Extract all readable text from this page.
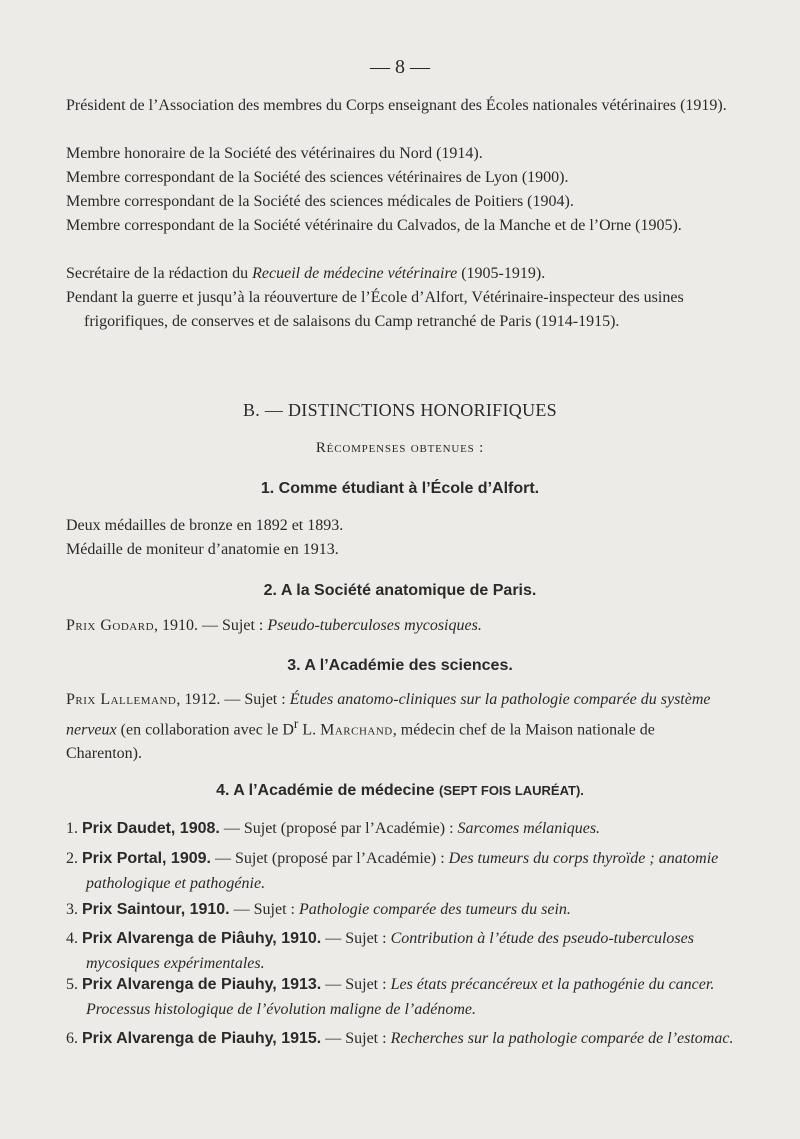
— 8 —
Président de l’Association des membres du Corps enseignant des Écoles nationales vétérinaires (1919).
Membre honoraire de la Société des vétérinaires du Nord (1914).
Membre correspondant de la Société des sciences vétérinaires de Lyon (1900).
Membre correspondant de la Société des sciences médicales de Poitiers (1904).
Membre correspondant de la Société vétérinaire du Calvados, de la Manche et de l’Orne (1905).
Secrétaire de la rédaction du Recueil de médecine vétérinaire (1905-1919).
Pendant la guerre et jusqu’à la réouverture de l’École d’Alfort, Vétérinaire-inspecteur des usines frigorifiques, de conserves et de salaisons du Camp retranché de Paris (1914-1915).
B. — DISTINCTIONS HONORIFIQUES
Récompenses obtenues :
1. Comme étudiant à l’École d’Alfort.
Deux médailles de bronze en 1892 et 1893.
Médaille de moniteur d’anatomie en 1913.
2. A la Société anatomique de Paris.
Prix Godard, 1910. — Sujet : Pseudo-tuberculoses mycosiques.
3. A l’Académie des sciences.
Prix Lallemand, 1912. — Sujet : Études anatomo-cliniques sur la pathologie comparée du système nerveux (en collaboration avec le $D^r$ L. Marchand, médecin chef de la Maison nationale de Charenton).
4. A l’Académie de médecine (SEPT FOIS LAURÉAT).
1. Prix Daudet, 1908. — Sujet (proposé par l’Académie) : Sarcomes mélaniques.
2. Prix Portal, 1909. — Sujet (proposé par l’Académie) : Des tumeurs du corps thyroïde ; anatomie pathologique et pathogénie.
3. Prix Saintour, 1910. — Sujet : Pathologie comparée des tumeurs du sein.
4. Prix Alvarenga de Piâuhy, 1910. — Sujet : Contribution à l’étude des pseudo-tuberculoses mycosiques expérimentales.
5. Prix Alvarenga de Piauhy, 1913. — Sujet : Les états précancéreux et la pathogénie du cancer. Processus histologique de l’évolution maligne de l’adénome.
6. Prix Alvarenga de Piauhy, 1915. — Sujet : Recherches sur la pathologie comparée de l’estomac.
